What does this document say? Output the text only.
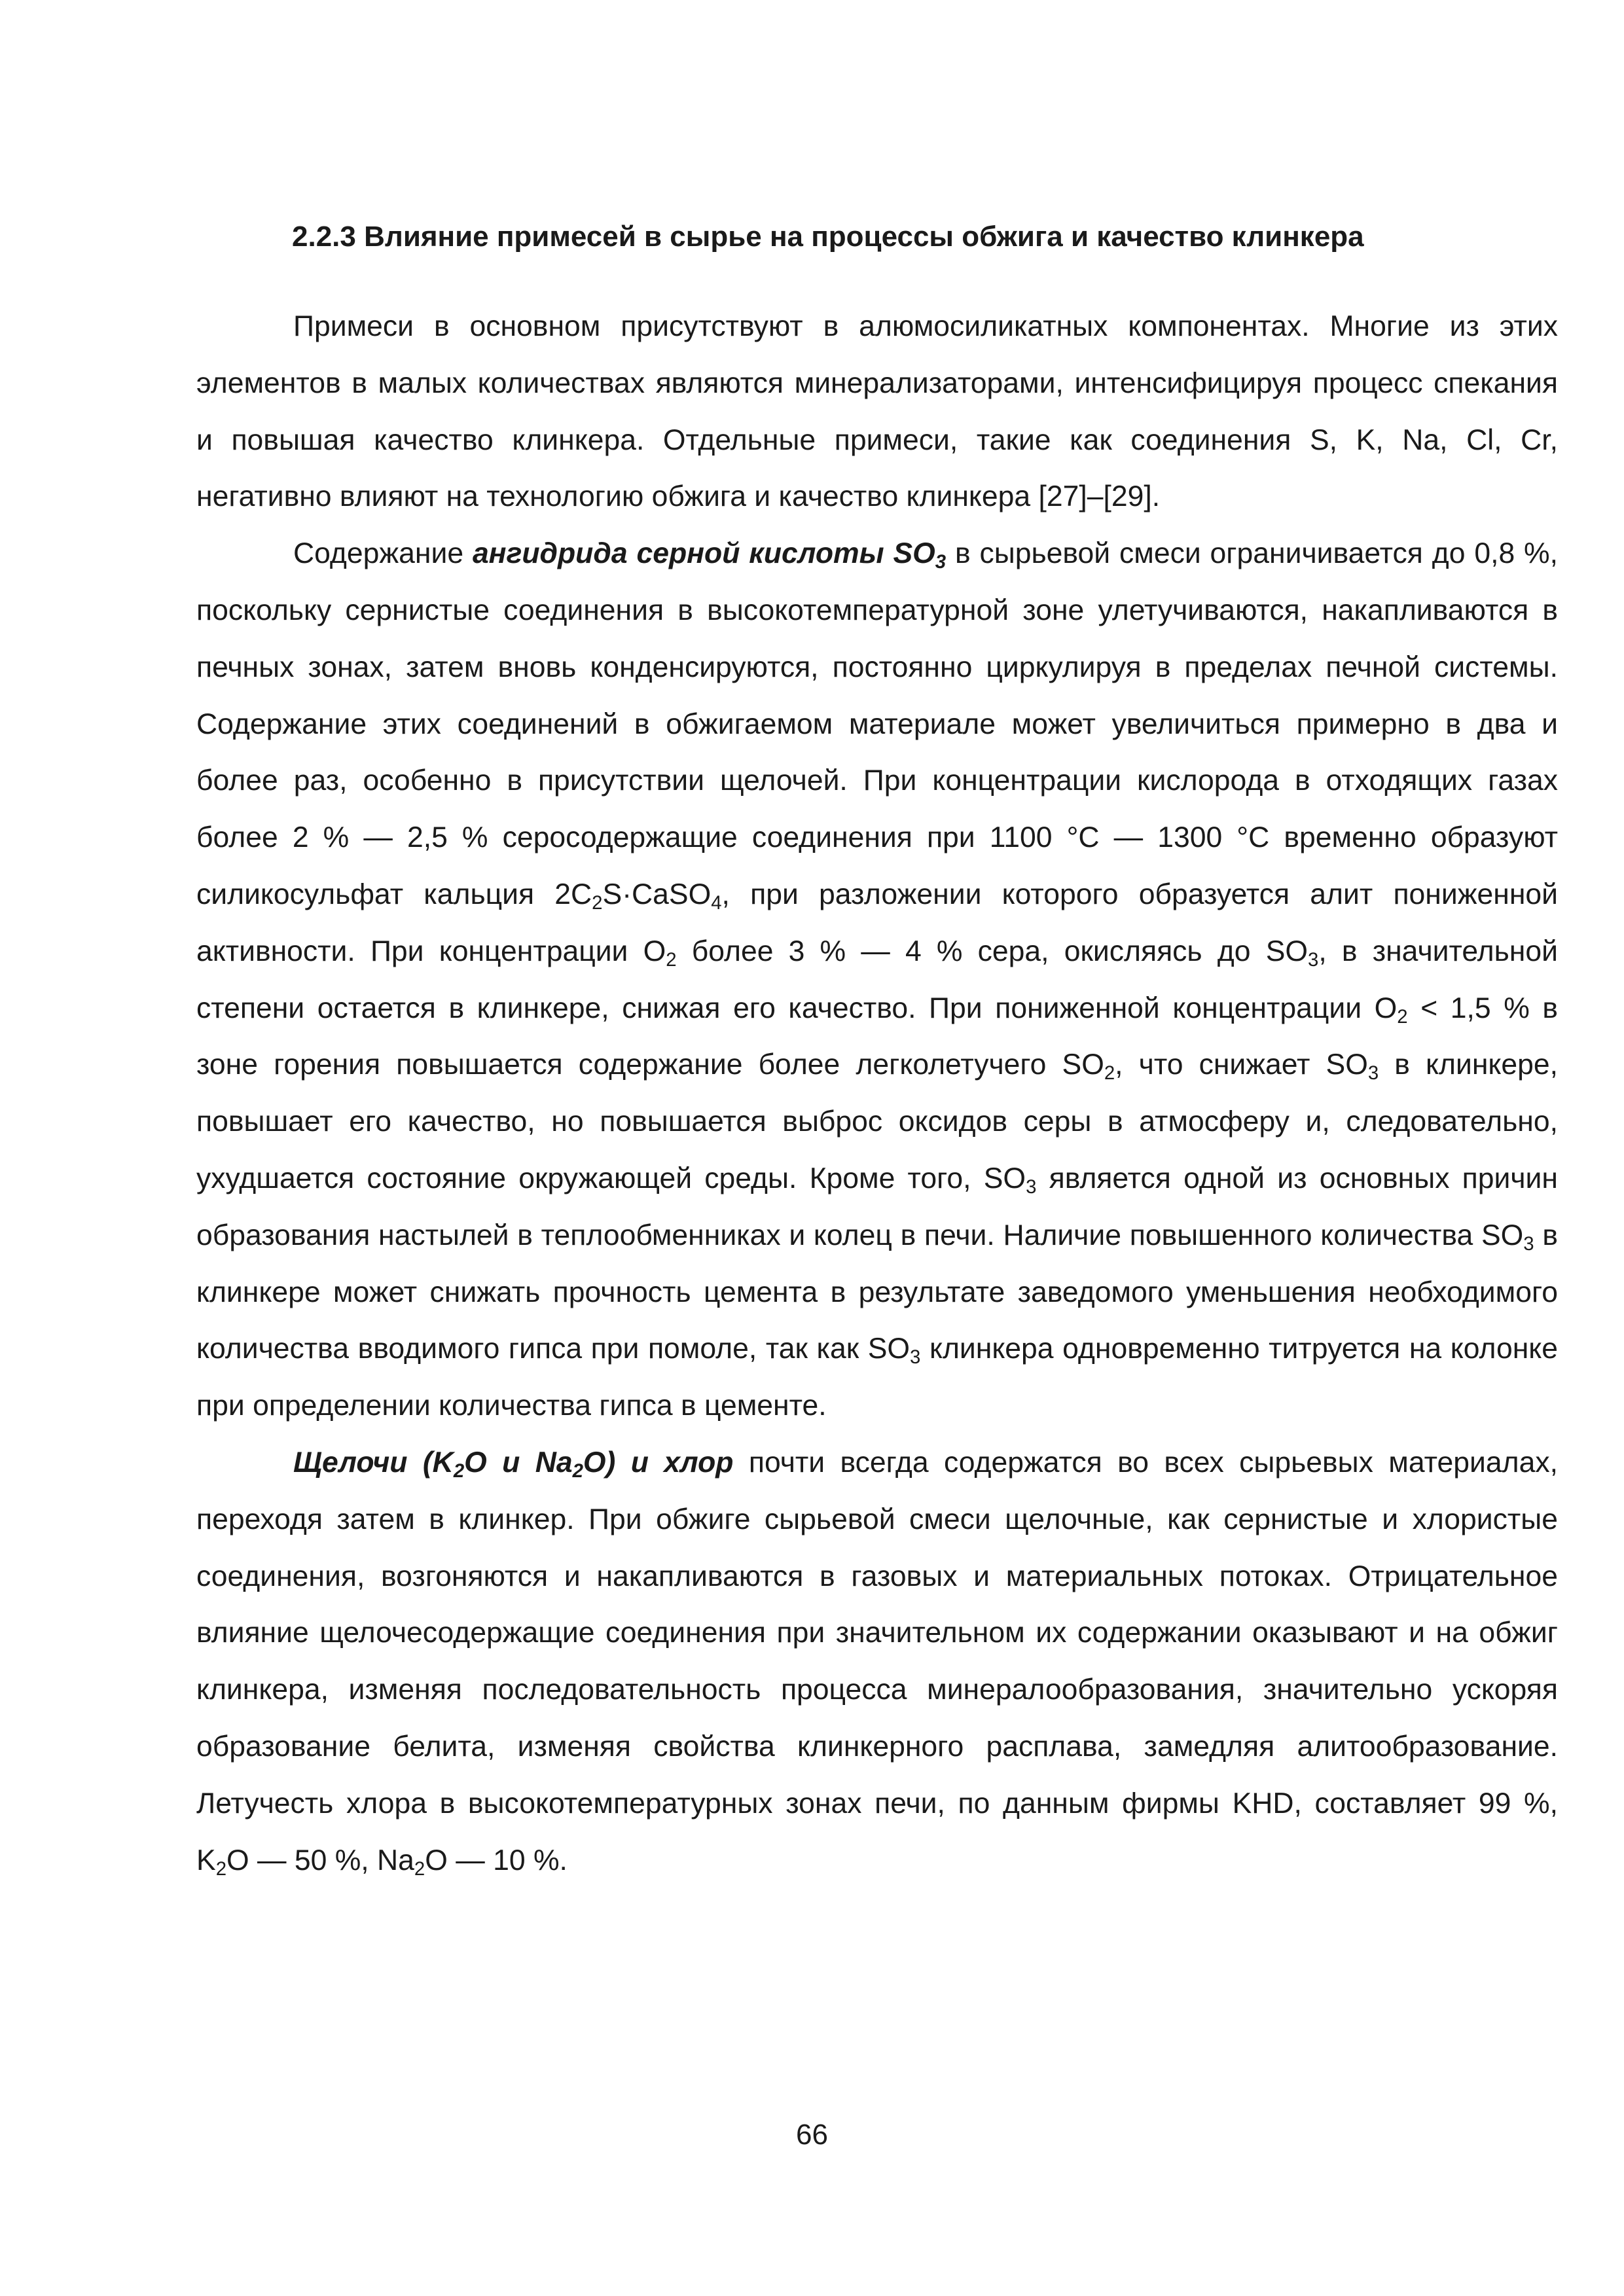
2.2.3 Влияние примесей в сырье на процессы обжига и качество клинкера

Примеси в основном присутствуют в алюмосиликатных компонентах. Многие из этих элементов в малых количествах являются минерализаторами, интенсифицируя процесс спекания и повышая качество клинкера. Отдельные примеси, такие как соединения S, K, Na, Cl, Cr, негативно влияют на технологию обжига и качество клинкера [27]–[29].

Содержание ангидрида серной кислоты $SO_3$ в сырьевой смеси ограничивается до 0,8 %, поскольку сернистые соединения в высокотемпературной зоне улетучиваются, накапливаются в печных зонах, затем вновь конденсируются, постоянно циркулируя в пределах печной системы. Содержание этих соединений в обжигаемом материале может увеличиться примерно в два и более раз, особенно в присутствии щелочей. При концентрации кислорода в отходящих газах более 2 % — 2,5 % серосодержащие соединения при 1100 °С — 1300 °С временно образуют силикосульфат кальция $2C_2S\cdot CaSO_4$, при разложении которого образуется алит пониженной активности. При концентрации $O_2$ более 3 % — 4 % сера, окисляясь до $SO_3$, в значительной степени остается в клинкере, снижая его качество. При пониженной концентрации $O_2 < 1,5$ % в зоне горения повышается содержание более легколетучего $SO_2$, что снижает $SO_3$ в клинкере, повышает его качество, но повышается выброс оксидов серы в атмосферу и, следовательно, ухудшается состояние окружающей среды. Кроме того, $SO_3$ является одной из основных причин образования настылей в теплообменниках и колец в печи. Наличие повышенного количества $SO_3$ в клинкере может снижать прочность цемента в результате заведомого уменьшения необходимого количества вводимого гипса при помоле, так как $SO_3$ клинкера одновременно титруется на колонке при определении количества гипса в цементе.

Щелочи ($K_2O$ и $Na_2O$) и хлор почти всегда содержатся во всех сырьевых материалах, переходя затем в клинкер. При обжиге сырьевой смеси щелочные, как сернистые и хлористые соединения, возгоняются и накапливаются в газовых и материальных потоках. Отрицательное влияние щелочесодержащие соединения при значительном их содержании оказывают и на обжиг клинкера, изменяя последовательность процесса минералообразования, значительно ускоряя образование белита, изменяя свойства клинкерного расплава, замедляя алитообразование. Летучесть хлора в высокотемпературных зонах печи, по данным фирмы KHD, составляет 99 %, $K_2O$ — 50 %, $Na_2O$ — 10 %.

66
